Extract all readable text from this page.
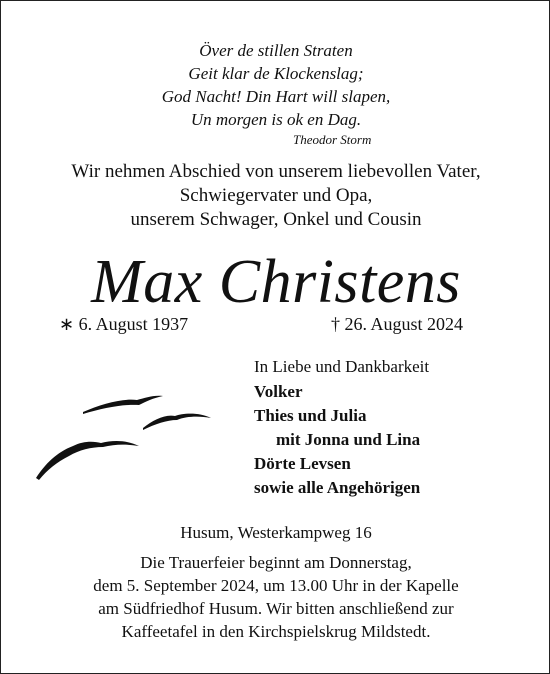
Över de stillen Straten
Geit klar de Klockenslag;
God Nacht! Din Hart will slapen,
Un morgen is ok en Dag.
Theodor Storm
Wir nehmen Abschied von unserem liebevollen Vater,
Schwiegervater und Opa,
unserem Schwager, Onkel und Cousin
Max Christens
∗ 6. August 1937	† 26. August 2024
In Liebe und Dankbarkeit
Volker
Thies und Julia
mit Jonna und Lina
Dörte Levsen
sowie alle Angehörigen
Husum, Westerkampweg 16
Die Trauerfeier beginnt am Donnerstag,
dem 5. September 2024, um 13.00 Uhr in der Kapelle
am Südfriedhof Husum. Wir bitten anschließend zur
Kaffeetafel in den Kirchspielskrug Mildstedt.
